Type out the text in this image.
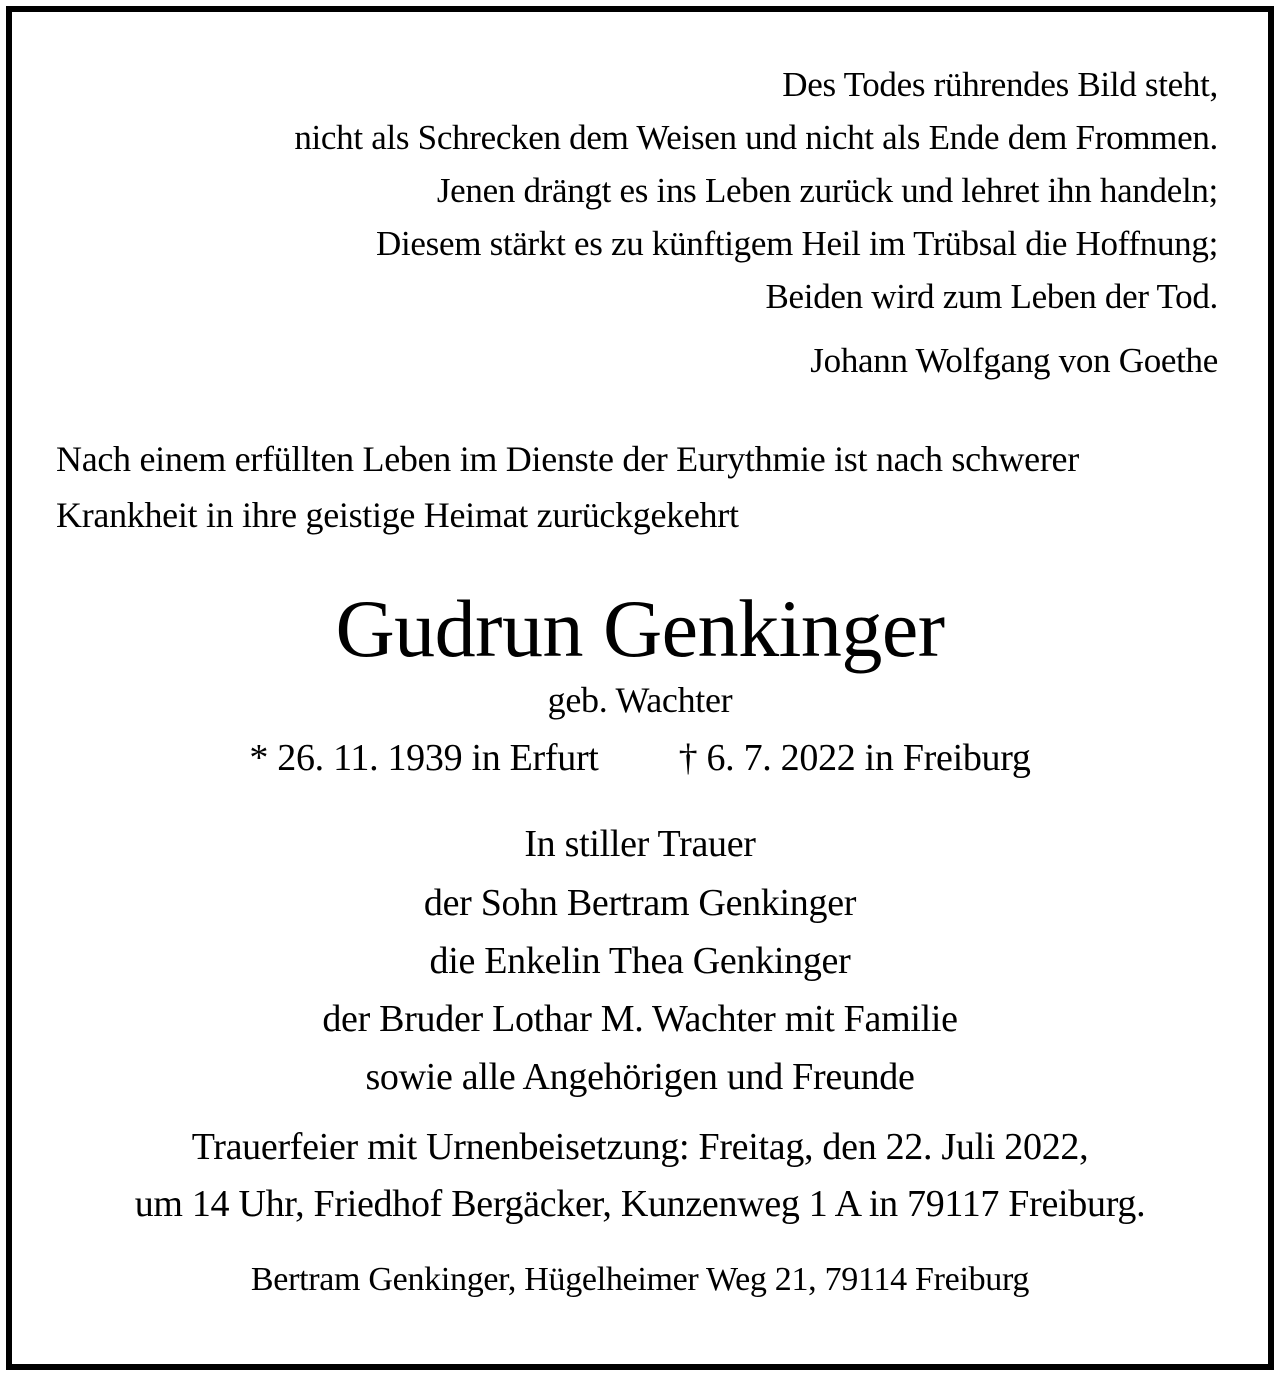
Des Todes rührendes Bild steht,
nicht als Schrecken dem Weisen und nicht als Ende dem Frommen.
Jenen drängt es ins Leben zurück und lehret ihn handeln;
Diesem stärkt es zu künftigem Heil im Trübsal die Hoffnung;
Beiden wird zum Leben der Tod.
Johann Wolfgang von Goethe
Nach einem erfüllten Leben im Dienste der Eurythmie ist nach schwerer
Krankheit in ihre geistige Heimat zurückgekehrt
Gudrun Genkinger
geb. Wachter
* 26. 11. 1939 in Erfurt † 6. 7. 2022 in Freiburg
In stiller Trauer
der Sohn Bertram Genkinger
die Enkelin Thea Genkinger
der Bruder Lothar M. Wachter mit Familie
sowie alle Angehörigen und Freunde
Trauerfeier mit Urnenbeisetzung: Freitag, den 22. Juli 2022,
um 14 Uhr, Friedhof Bergäcker, Kunzenweg 1 A in 79117 Freiburg.
Bertram Genkinger, Hügelheimer Weg 21, 79114 Freiburg
